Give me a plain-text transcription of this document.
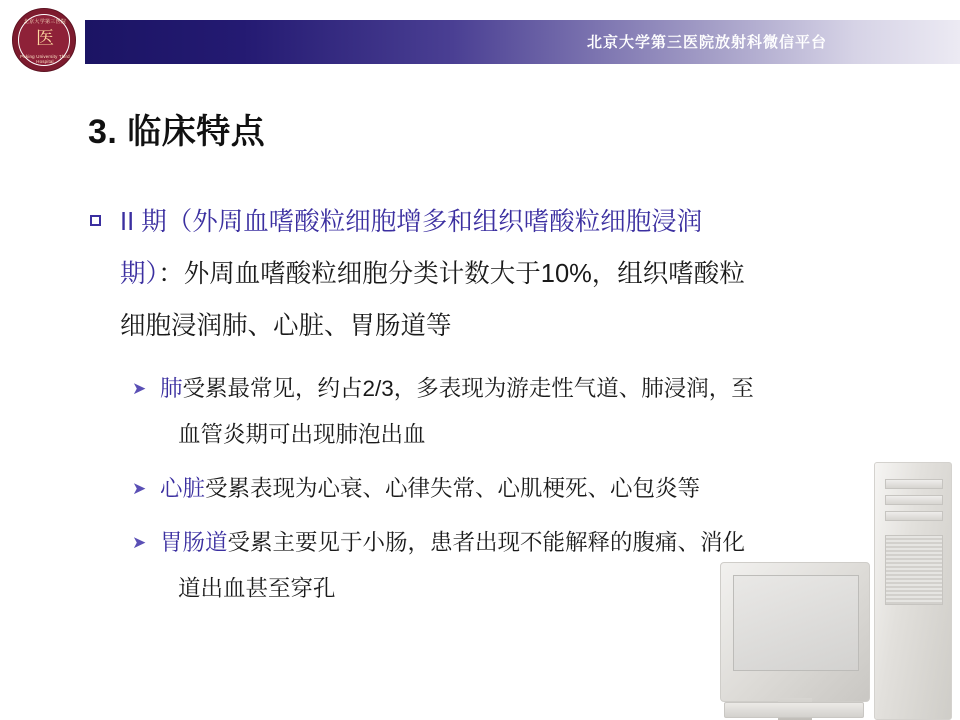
北京大学第三医院放射科微信平台
北京大学第三医院
医
Peking University Third Hospital
3. 临床特点
II 期（外周血嗜酸粒细胞增多和组织嗜酸粒细胞浸润
期）：外周血嗜酸粒细胞分类计数大于10%，组织嗜酸粒
细胞浸润肺、心脏、胃肠道等
➤ 肺受累最常见，约占2/3，多表现为游走性气道、肺浸润，至
血管炎期可出现肺泡出血
➤ 心脏受累表现为心衰、心律失常、心肌梗死、心包炎等
➤ 胃肠道受累主要见于小肠，患者出现不能解释的腹痛、消化
道出血甚至穿孔
